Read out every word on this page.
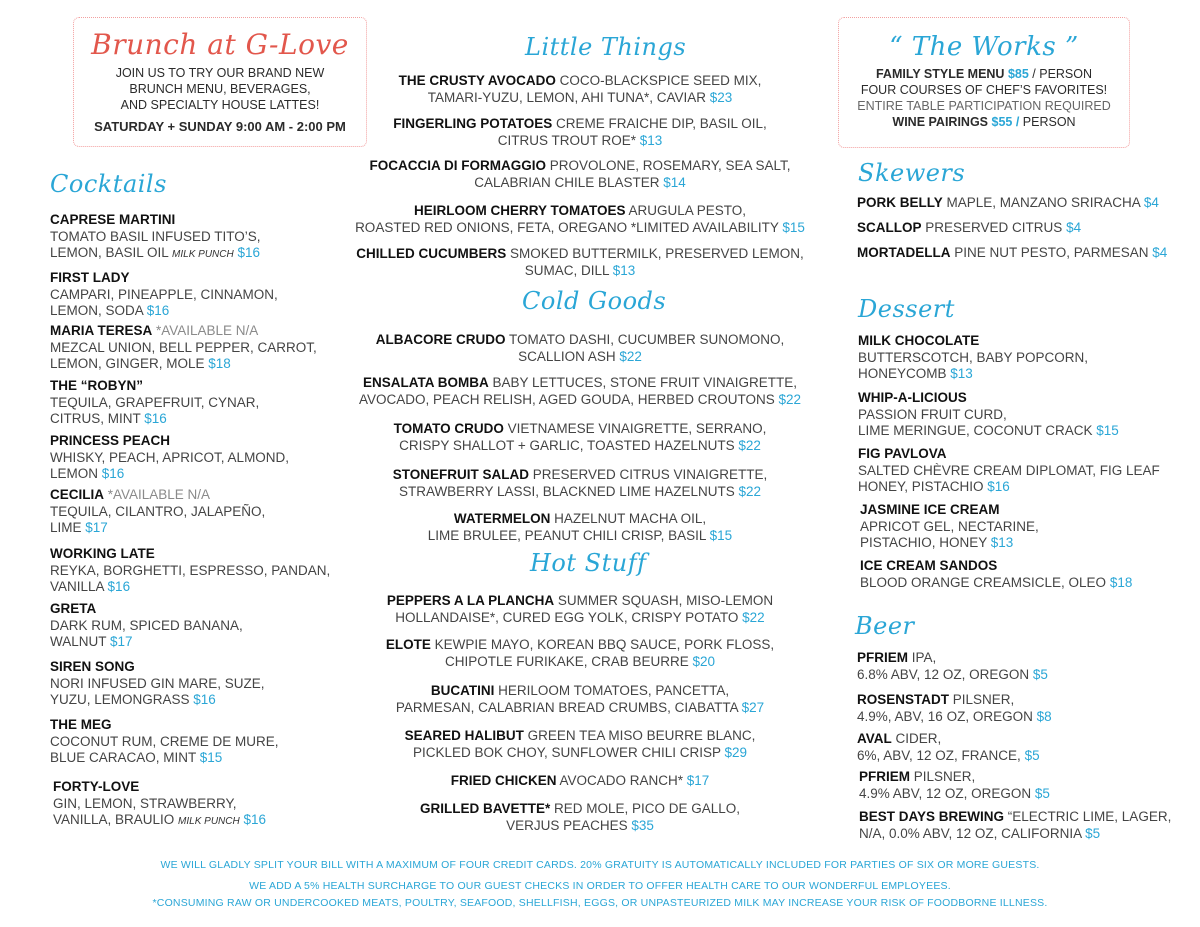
Brunch at G-Love
JOIN US TO TRY OUR BRAND NEW
BRUNCH MENU, BEVERAGES,
AND SPECIALTY HOUSE LATTES!
SATURDAY + SUNDAY 9:00 AM - 2:00 PM
“ The Works ”
FAMILY STYLE MENU $85 / PERSON
FOUR COURSES OF CHEF’S FAVORITES!
ENTIRE TABLE PARTICIPATION REQUIRED
WINE PAIRINGS $55 / PERSON
Cocktails
Little Things
Cold Goods
Hot Stuff
Skewers
Dessert
Beer
CAPRESE MARTINI
TOMATO BASIL INFUSED TITO’S,
LEMON, BASIL OIL MILK PUNCH $16
FIRST LADY
CAMPARI, PINEAPPLE, CINNAMON,
LEMON, SODA $16
MARIA TERESA *AVAILABLE N/A
MEZCAL UNION, BELL PEPPER, CARROT,
LEMON, GINGER, MOLE $18
THE “ROBYN”
TEQUILA, GRAPEFRUIT, CYNAR,
CITRUS, MINT $16
PRINCESS PEACH
WHISKY, PEACH, APRICOT, ALMOND,
LEMON $16
CECILIA *AVAILABLE N/A
TEQUILA, CILANTRO, JALAPEÑO,
LIME $17
WORKING LATE
REYKA, BORGHETTI, ESPRESSO, PANDAN,
VANILLA $16
GRETA
DARK RUM, SPICED BANANA,
WALNUT $17
SIREN SONG
NORI INFUSED GIN MARE, SUZE,
YUZU, LEMONGRASS $16
THE MEG
COCONUT RUM, CREME DE MURE,
BLUE CARACAO, MINT $15
FORTY-LOVE
GIN, LEMON, STRAWBERRY,
VANILLA, BRAULIO MILK PUNCH $16
THE CRUSTY AVOCADO COCO-BLACKSPICE SEED MIX,
TAMARI-YUZU, LEMON, AHI TUNA*, CAVIAR $23
FINGERLING POTATOES CREME FRAICHE DIP, BASIL OIL,
CITRUS TROUT ROE* $13
FOCACCIA DI FORMAGGIO PROVOLONE, ROSEMARY, SEA SALT,
CALABRIAN CHILE BLASTER $14
HEIRLOOM CHERRY TOMATOES ARUGULA PESTO,
ROASTED RED ONIONS, FETA, OREGANO *LIMITED AVAILABILITY $15
CHILLED CUCUMBERS SMOKED BUTTERMILK, PRESERVED LEMON,
SUMAC, DILL $13
ALBACORE CRUDO TOMATO DASHI, CUCUMBER SUNOMONO,
SCALLION ASH $22
ENSALATA BOMBA BABY LETTUCES, STONE FRUIT VINAIGRETTE,
AVOCADO, PEACH RELISH, AGED GOUDA, HERBED CROUTONS $22
TOMATO CRUDO VIETNAMESE VINAIGRETTE, SERRANO,
CRISPY SHALLOT + GARLIC, TOASTED HAZELNUTS $22
STONEFRUIT SALAD PRESERVED CITRUS VINAIGRETTE,
STRAWBERRY LASSI, BLACKNED LIME HAZELNUTS $22
WATERMELON HAZELNUT MACHA OIL,
LIME BRULEE, PEANUT CHILI CRISP, BASIL $15
PEPPERS A LA PLANCHA SUMMER SQUASH, MISO-LEMON
HOLLANDAISE*, CURED EGG YOLK, CRISPY POTATO $22
ELOTE KEWPIE MAYO, KOREAN BBQ SAUCE, PORK FLOSS,
CHIPOTLE FURIKAKE, CRAB BEURRE $20
BUCATINI HERILOOM TOMATOES, PANCETTA,
PARMESAN, CALABRIAN BREAD CRUMBS, CIABATTA $27
SEARED HALIBUT GREEN TEA MISO BEURRE BLANC,
PICKLED BOK CHOY, SUNFLOWER CHILI CRISP $29
FRIED CHICKEN AVOCADO RANCH* $17
GRILLED BAVETTE* RED MOLE, PICO DE GALLO,
VERJUS PEACHES $35
PORK BELLY MAPLE, MANZANO SRIRACHA $4
SCALLOP PRESERVED CITRUS $4
MORTADELLA PINE NUT PESTO, PARMESAN $4
MILK CHOCOLATE
BUTTERSCOTCH, BABY POPCORN,
HONEYCOMB $13
WHIP-A-LICIOUS
PASSION FRUIT CURD,
LIME MERINGUE, COCONUT CRACK $15
FIG PAVLOVA
SALTED CHÈVRE CREAM DIPLOMAT, FIG LEAF
HONEY, PISTACHIO $16
JASMINE ICE CREAM
APRICOT GEL, NECTARINE,
PISTACHIO, HONEY $13
ICE CREAM SANDOS
BLOOD ORANGE CREAMSICLE, OLEO $18
PFRIEM IPA,
6.8% ABV, 12 OZ, OREGON $5
ROSENSTADT PILSNER,
4.9%, ABV, 16 OZ, OREGON $8
AVAL CIDER,
6%, ABV, 12 OZ, FRANCE, $5
PFRIEM PILSNER,
4.9% ABV, 12 OZ, OREGON $5
BEST DAYS BREWING “ELECTRIC LIME, LAGER,
N/A, 0.0% ABV, 12 OZ, CALIFORNIA $5
WE WILL GLADLY SPLIT YOUR BILL WITH A MAXIMUM OF FOUR CREDIT CARDS. 20% GRATUITY IS AUTOMATICALLY INCLUDED FOR PARTIES OF SIX OR MORE GUESTS.
WE ADD A 5% HEALTH SURCHARGE TO OUR GUEST CHECKS IN ORDER TO OFFER HEALTH CARE TO OUR WONDERFUL EMPLOYEES.
*CONSUMING RAW OR UNDERCOOKED MEATS, POULTRY, SEAFOOD, SHELLFISH, EGGS, OR UNPASTEURIZED MILK MAY INCREASE YOUR RISK OF FOODBORNE ILLNESS.
